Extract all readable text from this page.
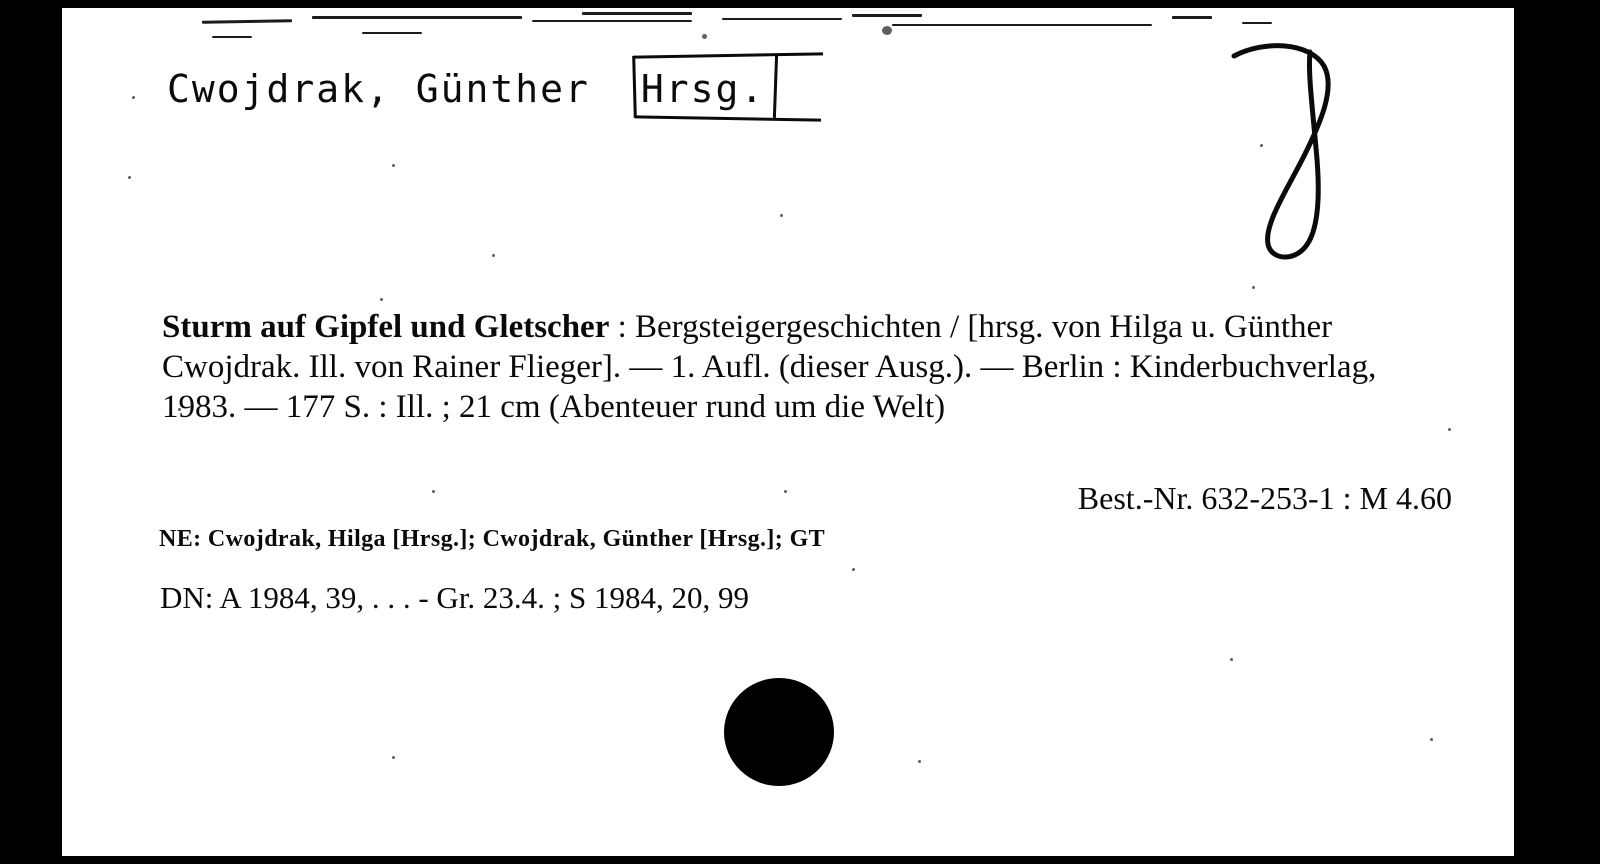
Cwojdrak, Günther Hrsg.
Sturm auf Gipfel und Gletscher : Bergsteigergeschichten / [hrsg. von Hilga u. Günther Cwojdrak. Ill. von Rainer Flieger]. — 1. Aufl. (dieser Ausg.). — Berlin : Kinderbuchverlag, 1983. — 177 S. : Ill. ; 21 cm (Abenteuer rund um die Welt)
Best.-Nr. 632-253-1 : M 4.60
NE: Cwojdrak, Hilga [Hrsg.]; Cwojdrak, Günther [Hrsg.]; GT
DN: A 1984, 39, . . . - Gr. 23.4. ; S 1984, 20, 99
